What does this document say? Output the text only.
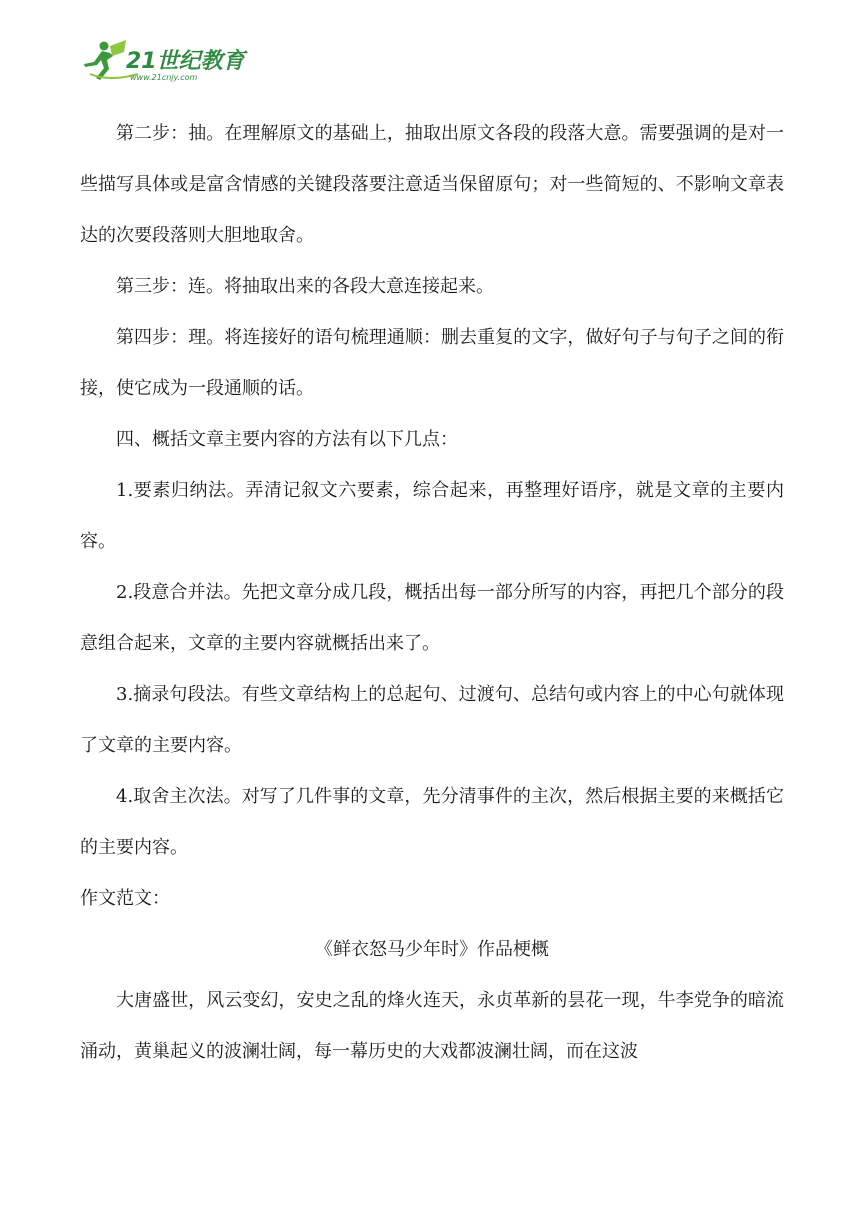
21世纪教育
www.21cnjy.com

第二步：抽。在理解原文的基础上，抽取出原文各段的段落大意。需要强调的是对一些描写具体或是富含情感的关键段落要注意适当保留原句；对一些简短的、不影响文章表达的次要段落则大胆地取舍。

第三步：连。将抽取出来的各段大意连接起来。

第四步：理。将连接好的语句梳理通顺：删去重复的文字，做好句子与句子之间的衔接，使它成为一段通顺的话。

四、概括文章主要内容的方法有以下几点：

1.要素归纳法。弄清记叙文六要素，综合起来，再整理好语序，就是文章的主要内容。

2.段意合并法。先把文章分成几段，概括出每一部分所写的内容，再把几个部分的段意组合起来，文章的主要内容就概括出来了。

3.摘录句段法。有些文章结构上的总起句、过渡句、总结句或内容上的中心句就体现了文章的主要内容。

4.取舍主次法。对写了几件事的文章，先分清事件的主次，然后根据主要的来概括它的主要内容。

作文范文：

《鲜衣怒马少年时》作品梗概

大唐盛世，风云变幻，安史之乱的烽火连天，永贞革新的昙花一现，牛李党争的暗流涌动，黄巢起义的波澜壮阔，每一幕历史的大戏都波澜壮阔，而在这波
